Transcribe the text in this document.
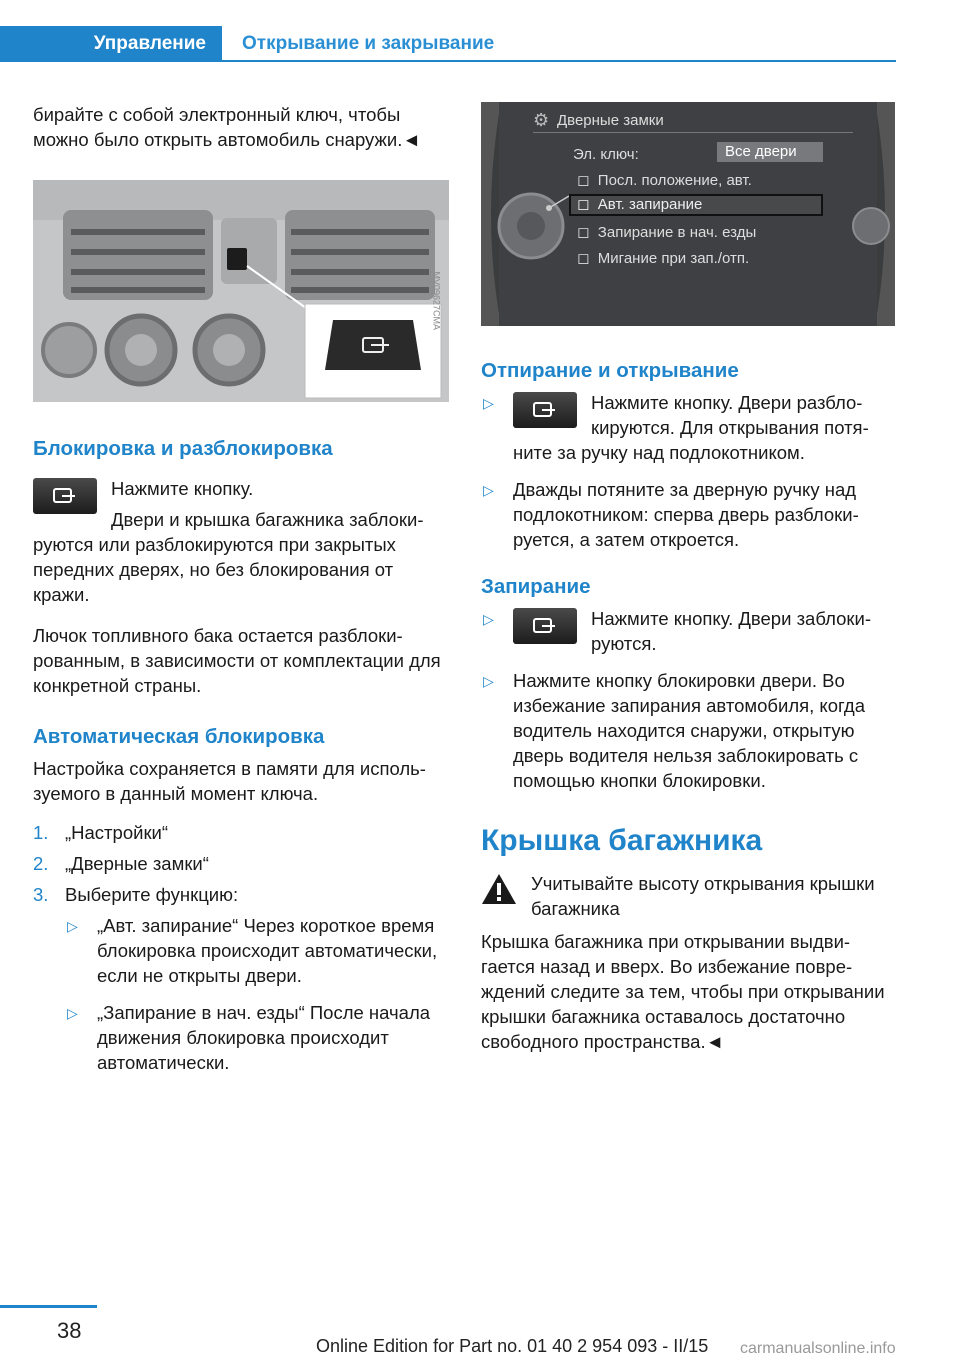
Управление	Открывание и закрывание

бирайте с собой электронный ключ, чтобы можно было открыть автомобиль снаружи.◄

MV09627CMA

Блокировка и разблокировка

Нажмите кнопку.

Двери и крышка багажника заблокируются или разблокируются при закрытых передних дверях, но без блокирования от кражи.

Лючок топливного бака остается разблокированным, в зависимости от комплектации для конкретной страны.

Автоматическая блокировка

Настройка сохраняется в памяти для используемого в данный момент ключа.

1. „Настройки“
2. „Дверные замки“
3. Выберите функцию:
▷ „Авт. запирание“ Через короткое время блокировка происходит автоматически, если не открыты двери.
▷ „Запирание в нач. езды“ После начала движения блокировка происходит автоматически.
⚙ Дверные замки
Эл. ключ:	Все двери
◻ Посл. положение, авт.
◻ Авт. запирание
◻ Запирание в нач. езды
◻ Мигание при зап./отп.

Отпирание и открывание

▷	Нажмите кнопку. Двери разблокируются. Для открывания потяните за ручку над подлокотником.
▷ Дважды потяните за дверную ручку над подлокотником: сперва дверь разблокируется, а затем откроется.

Запирание

▷	Нажмите кнопку. Двери заблокируются.
▷ Нажмите кнопку блокировки двери. Во избежание запирания автомобиля, когда водитель находится снаружи, открытую дверь водителя нельзя заблокировать с помощью кнопки блокировки.

Крышка багажника

Учитывайте высоту открывания крышки багажника

Крышка багажника при открывании выдвигается назад и вверх. Во избежание повреждений следите за тем, чтобы при открывании крышки багажника оставалось достаточно свободного пространства.◄

38
Online Edition for Part no. 01 40 2 954 093 - II/15 carmanualsonline.info
